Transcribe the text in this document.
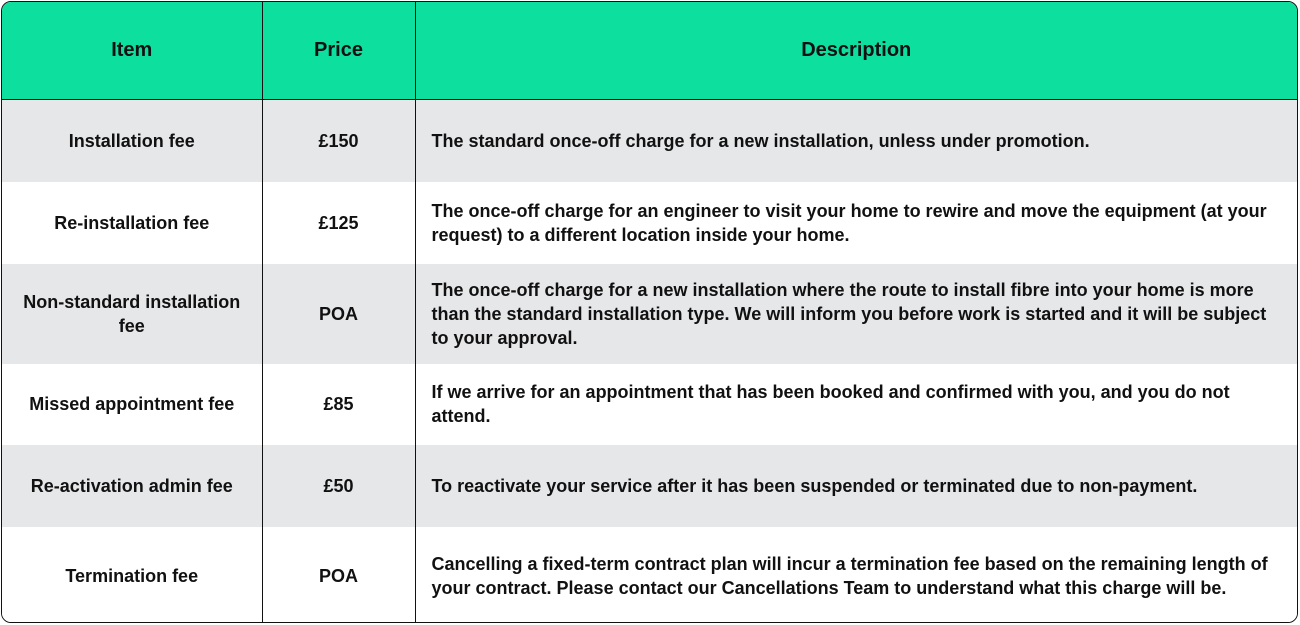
Item	Price	Description
Installation fee	£150	The standard once-off charge for a new installation, unless under promotion.
Re-installation fee	£125	The once-off charge for an engineer to visit your home to rewire and move the equipment (at your request) to a different location inside your home.
Non-standard installation fee	POA	The once-off charge for a new installation where the route to install fibre into your home is more than the standard installation type. We will inform you before work is started and it will be subject to your approval.
Missed appointment fee	£85	If we arrive for an appointment that has been booked and confirmed with you, and you do not attend.
Re-activation admin fee	£50	To reactivate your service after it has been suspended or terminated due to non-payment.
Termination fee	POA	Cancelling a fixed-term contract plan will incur a termination fee based on the remaining length of your contract. Please contact our Cancellations Team to understand what this charge will be.
